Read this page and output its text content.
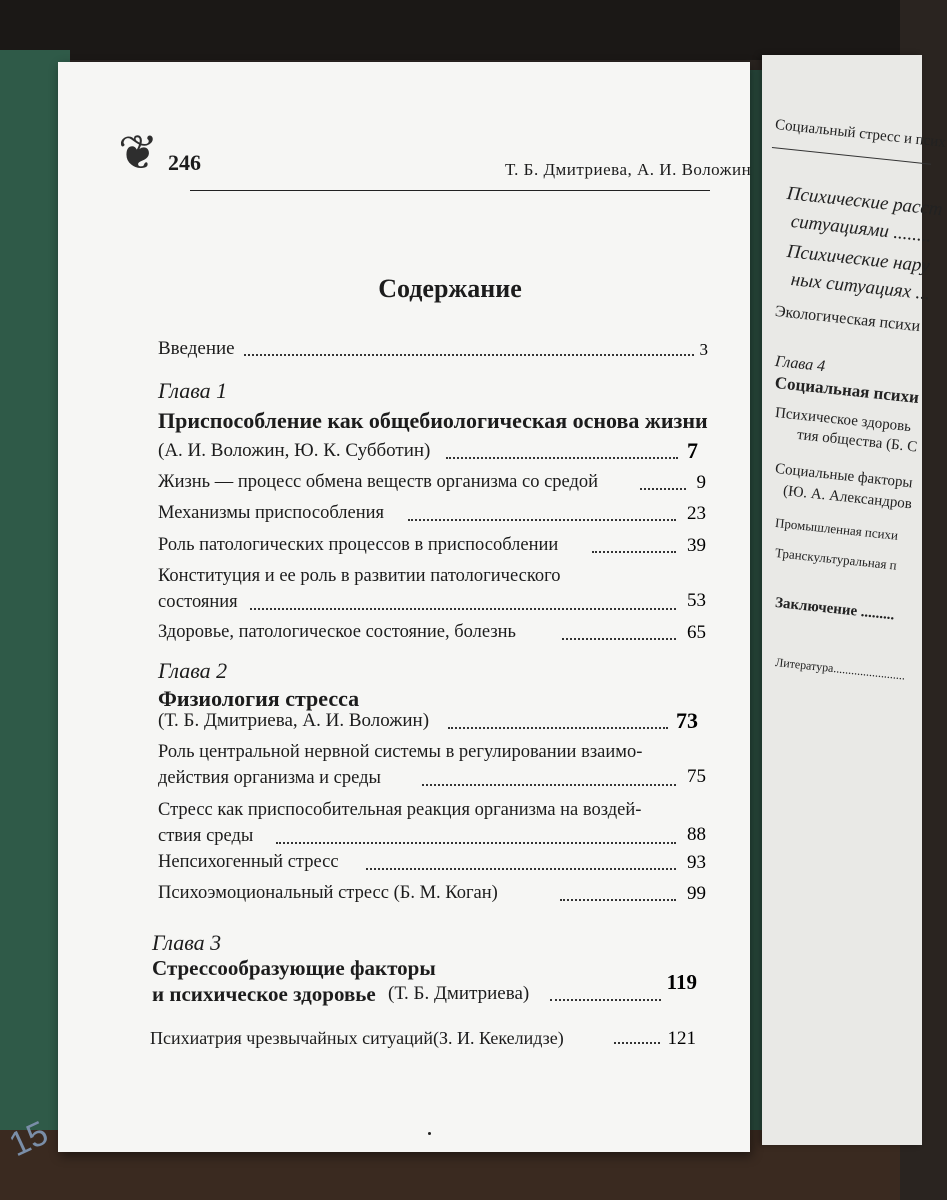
15
Социальный стресс и псих
Психические расст
ситуациями ........
Психические нару
ных ситуациях ...
Экологическая психи
Глава 4
Социальная психи
Психическое здоровь
тия общества (Б. С
Социальные факторы
(Ю. А. Александров
Промышленная психи
Транскультуральная п
Заключение .........
Литература........................
❦ 246	Т. Б. Дмитриева, А. И. Воложин
Содержание
Введение	3
Глава 1
Приспособление как общебиологическая основа жизни
(А. И. Воложин, Ю. К. Субботин)	7
Жизнь — процесс обмена веществ организма со средой	9
Механизмы приспособления	23
Роль патологических процессов в приспособлении	39
Конституция и ее роль в развитии патологического
состояния	53
Здоровье, патологическое состояние, болезнь	65
Глава 2
Физиология стресса
(Т. Б. Дмитриева, А. И. Воложин)	73
Роль центральной нервной системы в регулировании взаимо-
действия организма и среды	75
Стресс как приспособительная реакция организма на воздей-
ствия среды	88
Непсихогенный стресс	93
Психоэмоциональный стресс (Б. М. Коган)	99
Глава 3
Стрессообразующие факторы
и психическое здоровье (Т. Б. Дмитриева)	119
Психиатрия чрезвычайных ситуаций(З. И. Кекелидзе)	121
